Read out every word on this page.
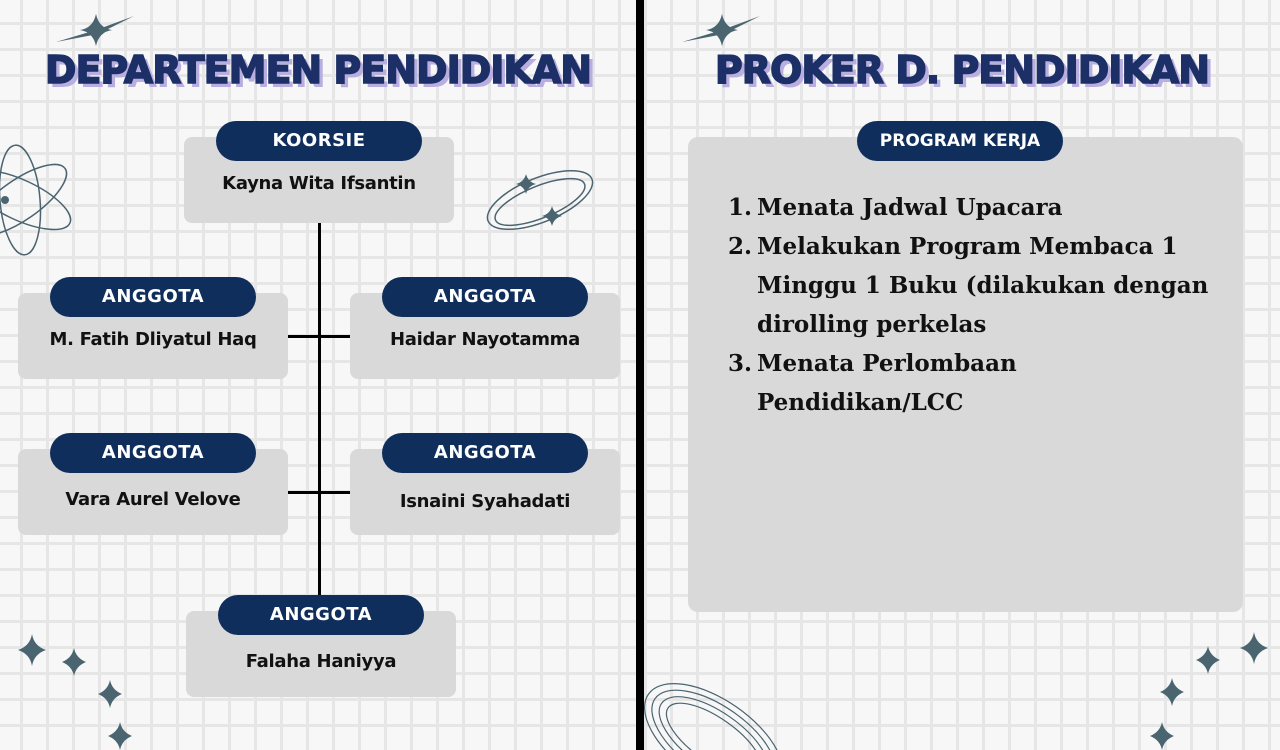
DEPARTEMEN PENDIDIKAN
Kayna Wita Ifsantin
KOORSIE
M. Fatih Dliyatul Haq
ANGGOTA
Haidar Nayotamma
ANGGOTA
Vara Aurel Velove
ANGGOTA
Isnaini Syahadati
ANGGOTA
Falaha Haniyya
ANGGOTA
PROKER D. PENDIDIKAN
PROGRAM KERJA
1. Menata Jadwal Upacara
2. Melakukan Program Membaca 1 Minggu 1 Buku (dilakukan dengan dirolling perkelas
3. Menata Perlombaan Pendidikan/LCC
